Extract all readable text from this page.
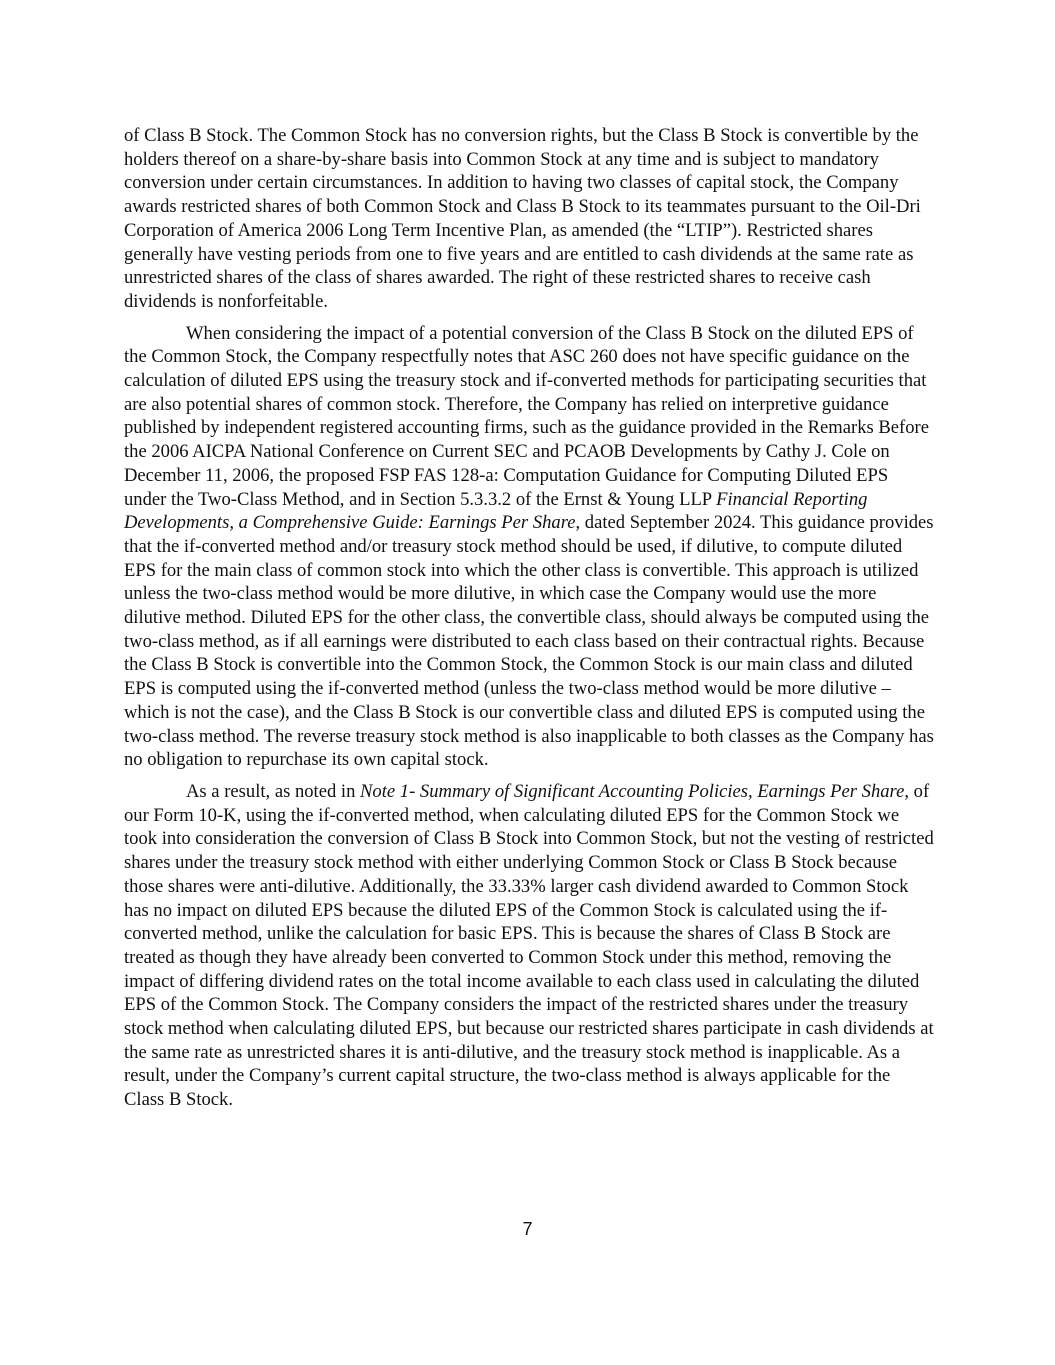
of Class B Stock. The Common Stock has no conversion rights, but the Class B Stock is convertible by the holders thereof on a share-by-share basis into Common Stock at any time and is subject to mandatory conversion under certain circumstances. In addition to having two classes of capital stock, the Company awards restricted shares of both Common Stock and Class B Stock to its teammates pursuant to the Oil-Dri Corporation of America 2006 Long Term Incentive Plan, as amended (the “LTIP”). Restricted shares generally have vesting periods from one to five years and are entitled to cash dividends at the same rate as unrestricted shares of the class of shares awarded. The right of these restricted shares to receive cash dividends is nonforfeitable.

When considering the impact of a potential conversion of the Class B Stock on the diluted EPS of the Common Stock, the Company respectfully notes that ASC 260 does not have specific guidance on the calculation of diluted EPS using the treasury stock and if-converted methods for participating securities that are also potential shares of common stock. Therefore, the Company has relied on interpretive guidance published by independent registered accounting firms, such as the guidance provided in the Remarks Before the 2006 AICPA National Conference on Current SEC and PCAOB Developments by Cathy J. Cole on December 11, 2006, the proposed FSP FAS 128-a: Computation Guidance for Computing Diluted EPS under the Two-Class Method, and in Section 5.3.3.2 of the Ernst & Young LLP Financial Reporting Developments, a Comprehensive Guide: Earnings Per Share, dated September 2024. This guidance provides that the if-converted method and/or treasury stock method should be used, if dilutive, to compute diluted EPS for the main class of common stock into which the other class is convertible. This approach is utilized unless the two-class method would be more dilutive, in which case the Company would use the more dilutive method. Diluted EPS for the other class, the convertible class, should always be computed using the two-class method, as if all earnings were distributed to each class based on their contractual rights. Because the Class B Stock is convertible into the Common Stock, the Common Stock is our main class and diluted EPS is computed using the if-converted method (unless the two-class method would be more dilutive – which is not the case), and the Class B Stock is our convertible class and diluted EPS is computed using the two-class method. The reverse treasury stock method is also inapplicable to both classes as the Company has no obligation to repurchase its own capital stock.

As a result, as noted in Note 1- Summary of Significant Accounting Policies, Earnings Per Share, of our Form 10-K, using the if-converted method, when calculating diluted EPS for the Common Stock we took into consideration the conversion of Class B Stock into Common Stock, but not the vesting of restricted shares under the treasury stock method with either underlying Common Stock or Class B Stock because those shares were anti-dilutive. Additionally, the 33.33% larger cash dividend awarded to Common Stock has no impact on diluted EPS because the diluted EPS of the Common Stock is calculated using the if-converted method, unlike the calculation for basic EPS. This is because the shares of Class B Stock are treated as though they have already been converted to Common Stock under this method, removing the impact of differing dividend rates on the total income available to each class used in calculating the diluted EPS of the Common Stock. The Company considers the impact of the restricted shares under the treasury stock method when calculating diluted EPS, but because our restricted shares participate in cash dividends at the same rate as unrestricted shares it is anti-dilutive, and the treasury stock method is inapplicable. As a result, under the Company’s current capital structure, the two-class method is always applicable for the Class B Stock.

7
